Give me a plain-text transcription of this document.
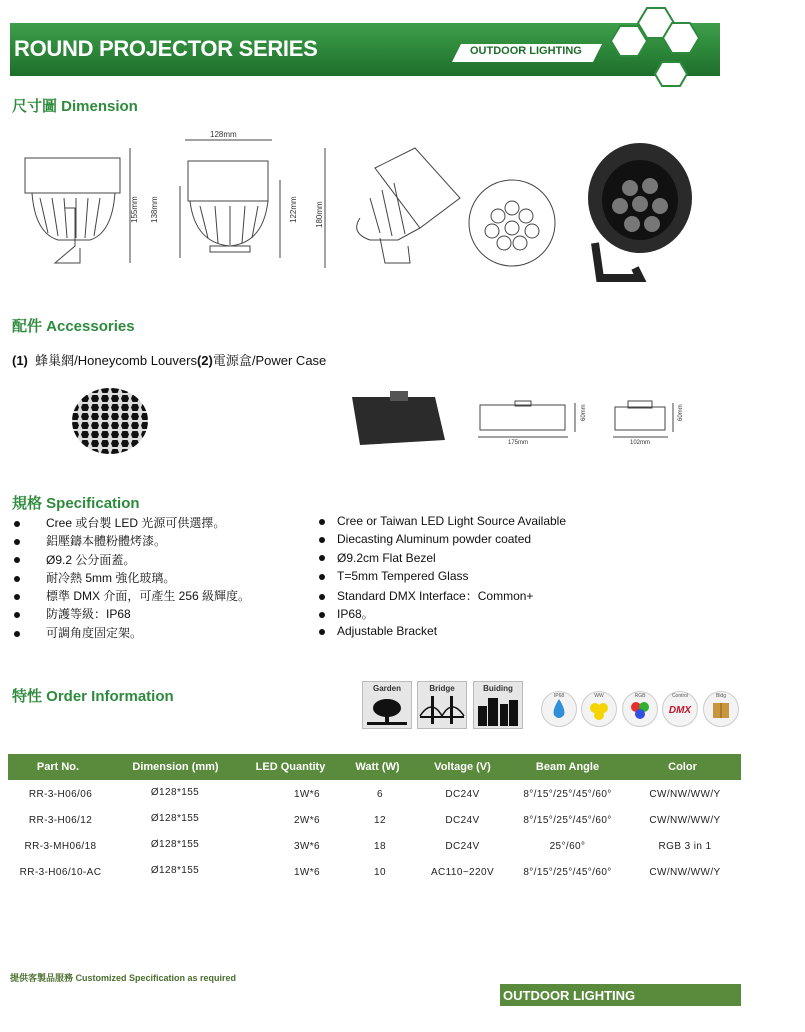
ROUND PROJECTOR SERIES	OUTDOOR LIGHTING
尺寸圖 Dimension
128mm
155mm 138mm	122mm 180mm
配件 Accessories
(1) 蜂巢網/Honeycomb Louvers(2)電源盒/Power Case
175mm
60mm
102mm
60mm
規格 Specification
Cree 或台製 LED 光源可供選擇。
鋁壓鑄本體粉體烤漆。
Ø9.2 公分面蓋。
耐冷熱 5mm 強化玻璃。
標準 DMX 介面，可產生 256 級輝度。
防護等級：IP68
可調角度固定架。
Cree or Taiwan LED Light Source Available
Diecasting Aluminum powder coated
Ø9.2cm Flat Bezel
T=5mm Tempered Glass
Standard DMX Interface：Common+
IP68。
Adjustable Bracket
特性 Order Information	Garden	Bridge	Buiding
IP68	WW	RGB	Control
DMX
Bldg
Part No.	Dimension (mm)	LED Quantity	Watt (W)	Voltage (V)	Beam Angle	Color
RR-3-H06/06	Ø128*155	1W*6	6	DC24V	8°/15°/25°/45°/60°	CW/NW/WW/Y
RR-3-H06/12	Ø128*155	2W*6	12	DC24V	8°/15°/25°/45°/60°	CW/NW/WW/Y
RR-3-MH06/18	Ø128*155	3W*6	18	DC24V	25°/60°	RGB 3 in 1
RR-3-H06/10-AC	Ø128*155	1W*6	10	AC110~220V	8°/15°/25°/45°/60°	CW/NW/WW/Y
提供客製品服務 Customized Specification as required
OUTDOOR LIGHTING
